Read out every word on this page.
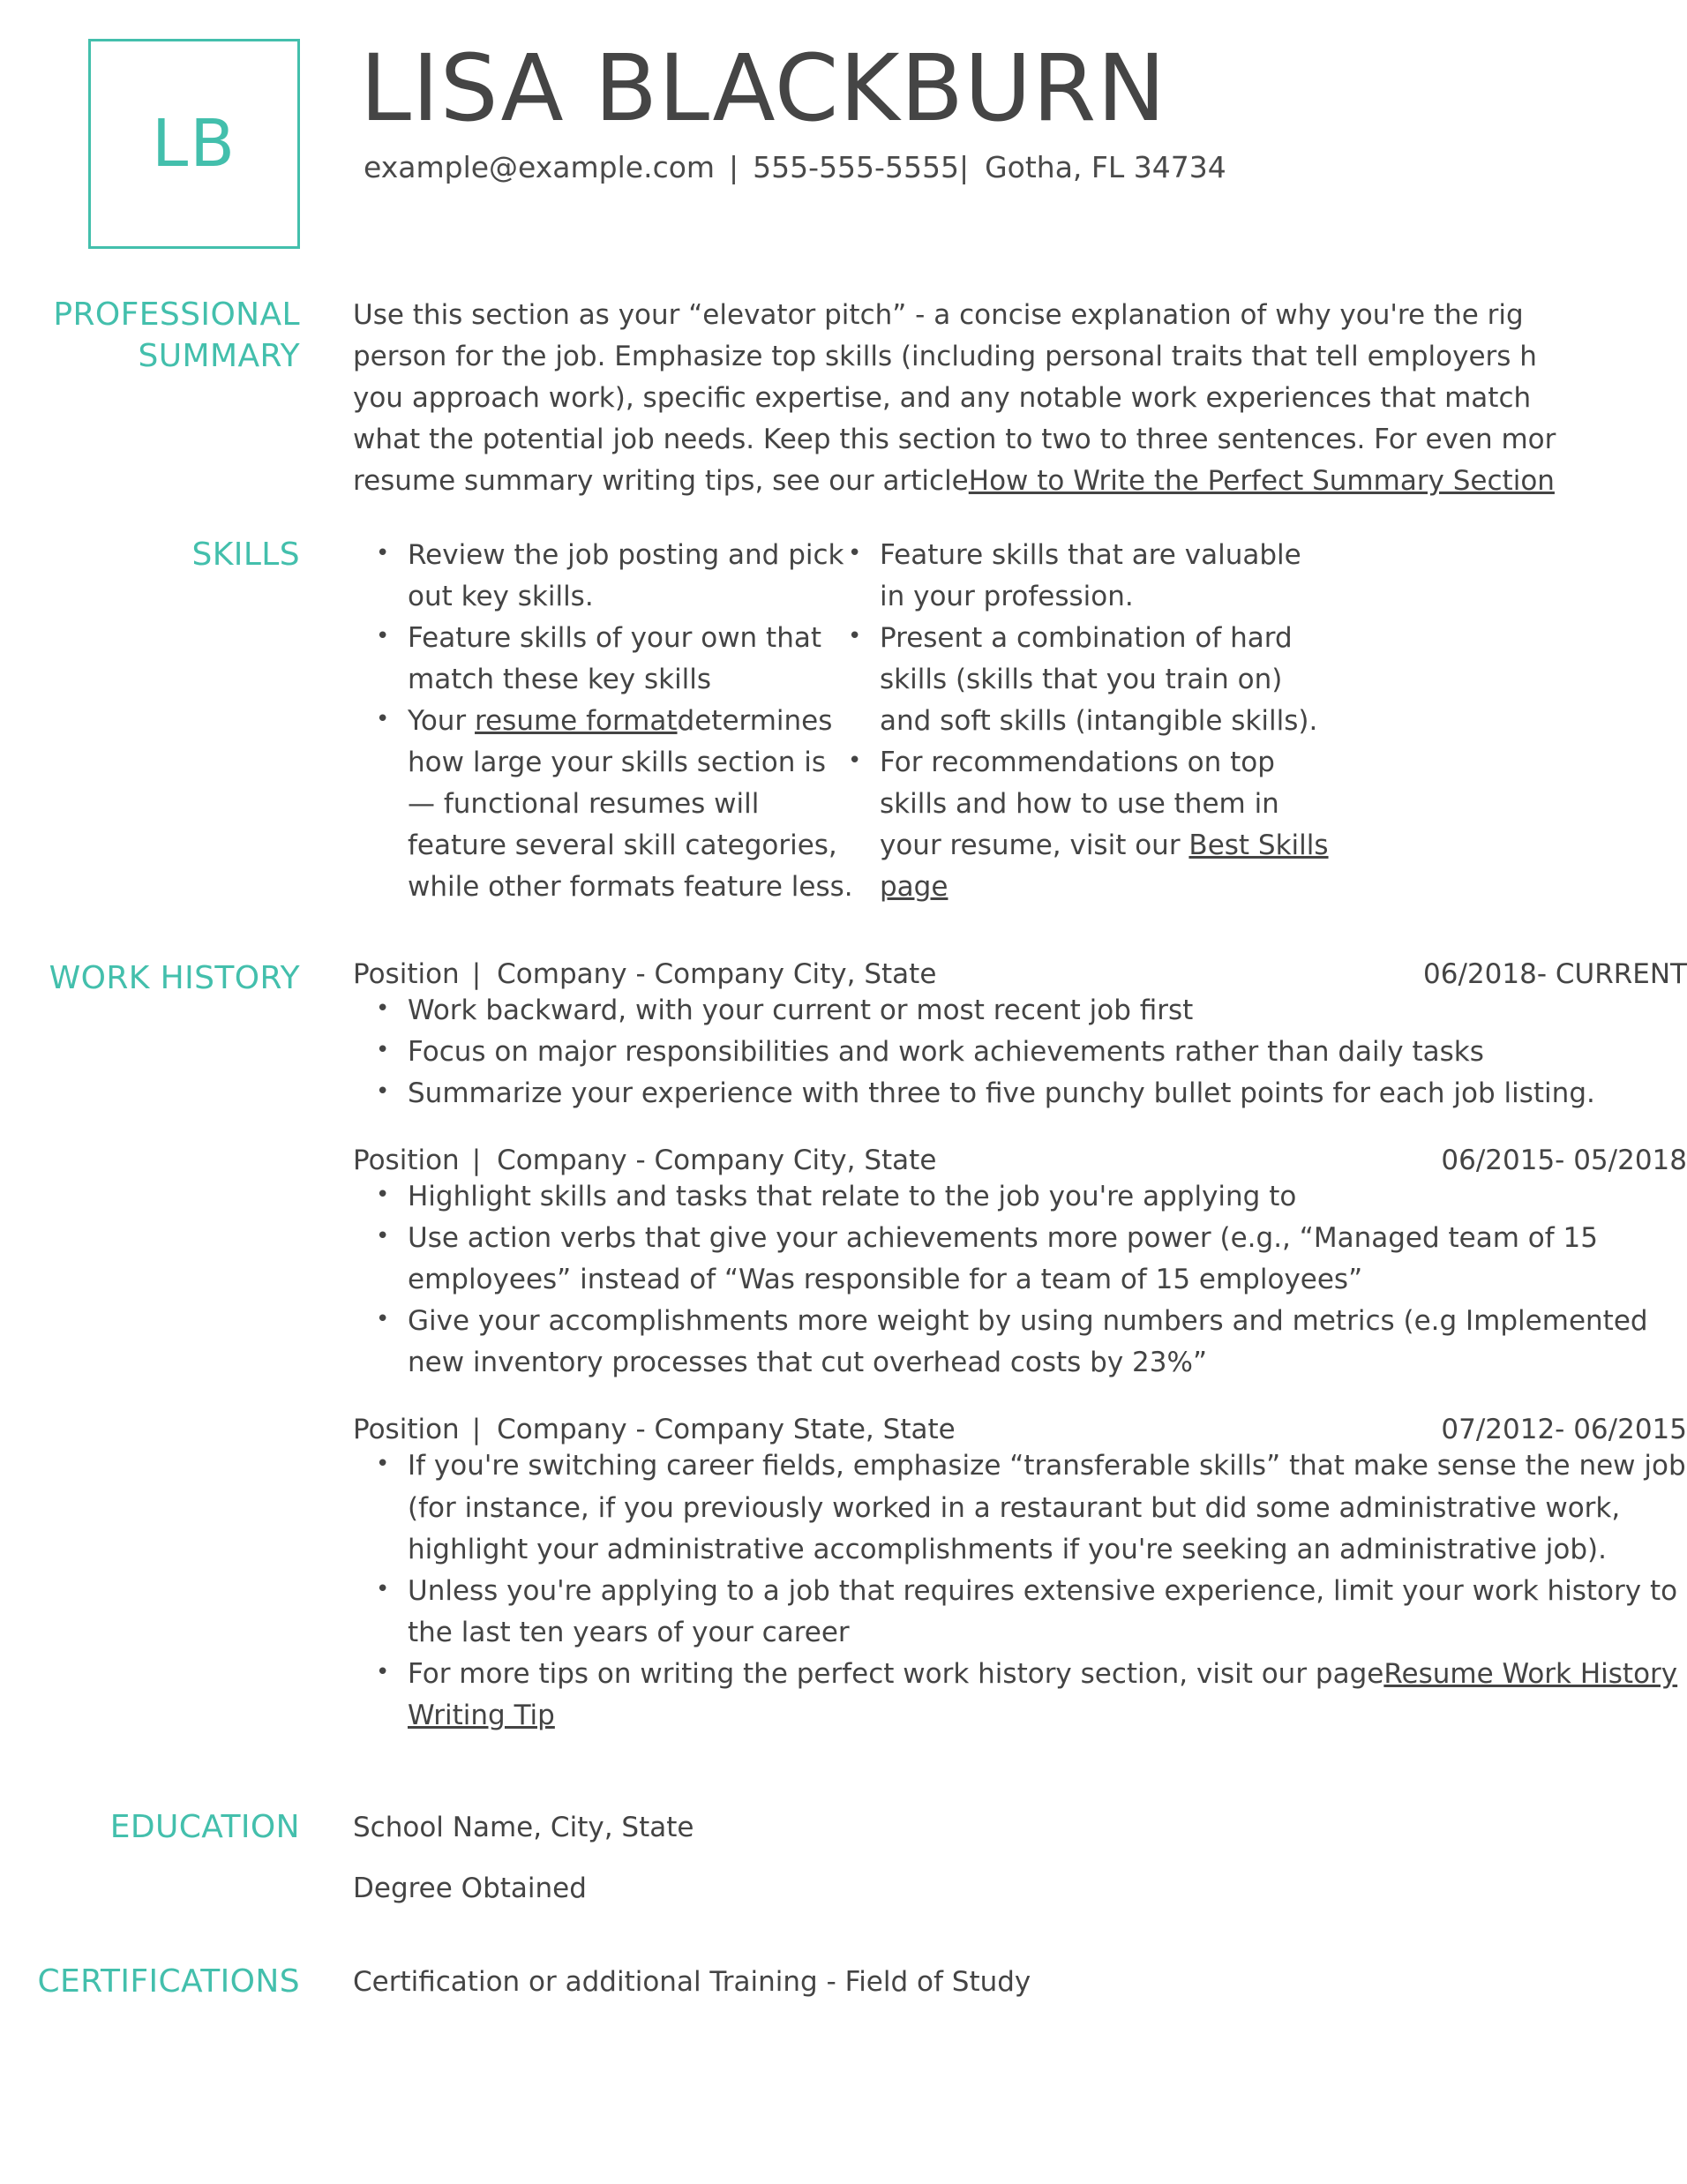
LB
LISA BLACKBURN
example@example.com | 555-555-5555| Gotha, FL 34734
PROFESSIONAL
SUMMARY

Use this section as your “elevator pitch” - a concise explanation of why you're the rig

person for the job. Emphasize top skills (including personal traits that tell employers h

you approach work), specific expertise, and any notable work experiences that match

what the potential job needs. Keep this section to two to three sentences. For even mor

resume summary writing tips, see our articleHow to Write the Perfect Summary Section

SKILLS	• Review the job posting and pick out key skills.
• Feature skills of your own that match these key skills
• Your resume formatdetermines how large your skills section is — functional resumes will feature several skill categories, while other formats feature less.
• Feature skills that are valuable in your profession.
• Present a combination of hard skills (skills that you train on) and soft skills (intangible skills).
• For recommendations on top skills and how to use them in your resume, visit our Best Skills page
WORK HISTORY	Position | Company - Company City, State	06/2018- CURRENT
• Work backward, with your current or most recent job first
• Focus on major responsibilities and work achievements rather than daily tasks
• Summarize your experience with three to five punchy bullet points for each job listing.
Position | Company - Company City, State	06/2015- 05/2018
• Highlight skills and tasks that relate to the job you're applying to
• Use action verbs that give your achievements more power (e.g., “Managed team of 15 employees” instead of “Was responsible for a team of 15 employees”
• Give your accomplishments more weight by using numbers and metrics (e.g Implemented new inventory processes that cut overhead costs by 23%”
Position | Company - Company State, State	07/2012- 06/2015
• If you're switching career fields, emphasize “transferable skills” that make sense the new job (for instance, if you previously worked in a restaurant but did some administrative work, highlight your administrative accomplishments if you're seeking an administrative job).
• Unless you're applying to a job that requires extensive experience, limit your work history to the last ten years of your career
• For more tips on writing the perfect work history section, visit our pageResume Work History Writing Tip
EDUCATION	School Name, City, State
Degree Obtained
CERTIFICATIONS	Certification or additional Training - Field of Study
